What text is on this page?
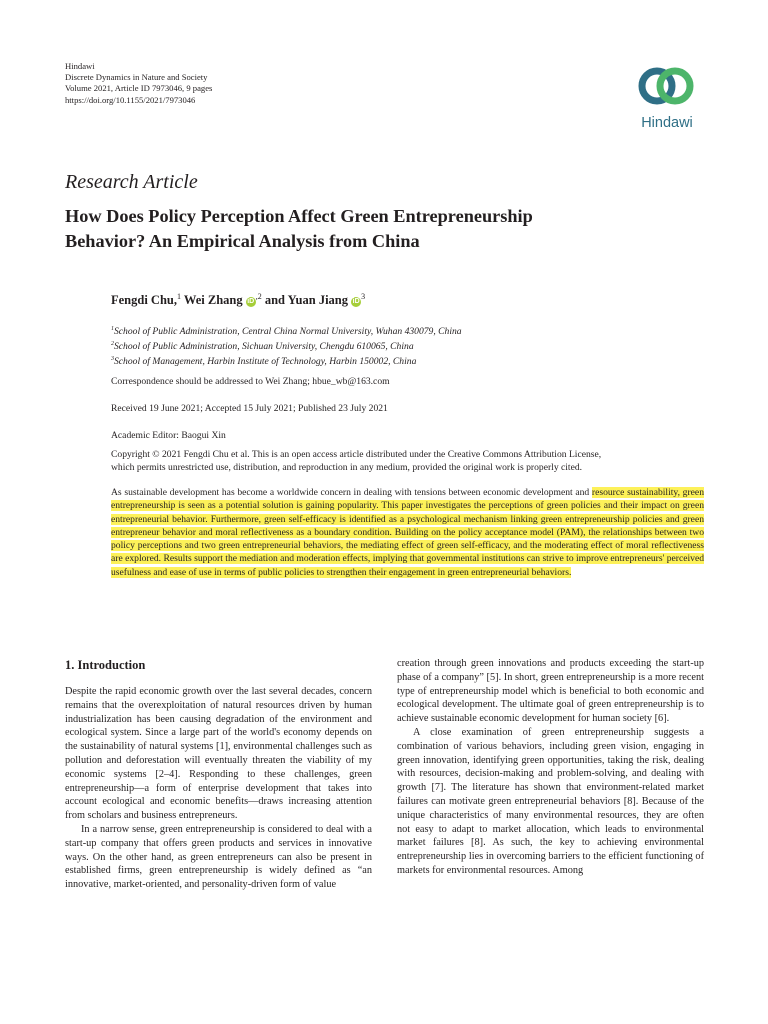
Hindawi
Discrete Dynamics in Nature and Society
Volume 2021, Article ID 7973046, 9 pages
https://doi.org/10.1155/2021/7973046
Hindawi
Research Article
How Does Policy Perception Affect Green Entrepreneurship
Behavior? An Empirical Analysis from China
Fengdi Chu,$^1$ Wei Zhang $iD^{,2}$ and Yuan Jiang $iD^3$
$^1$School of Public Administration, Central China Normal University, Wuhan 430079, China
$^2$School of Public Administration, Sichuan University, Chengdu 610065, China
$^3$School of Management, Harbin Institute of Technology, Harbin 150002, China
Correspondence should be addressed to Wei Zhang; hbue_wb@163.com
Received 19 June 2021; Accepted 15 July 2021; Published 23 July 2021
Academic Editor: Baogui Xin
Copyright © 2021 Fengdi Chu et al. This is an open access article distributed under the Creative Commons Attribution License,
which permits unrestricted use, distribution, and reproduction in any medium, provided the original work is properly cited.
As sustainable development has become a worldwide concern in dealing with tensions between economic development and resource sustainability, green entrepreneurship is seen as a potential solution is gaining popularity. This paper investigates the perceptions of green policies and their impact on green entrepreneurial behavior. Furthermore, green self-efficacy is identified as a psychological mechanism linking green entrepreneurship policies and green entrepreneur behavior and moral reflectiveness as a boundary condition. Building on the policy acceptance model (PAM), the relationships between two policy perceptions and two green entrepreneurial behaviors, the mediating effect of green self-efficacy, and the moderating effect of moral reflectiveness are explored. Results support the mediation and moderation effects, implying that governmental institutions can strive to improve entrepreneurs' perceived usefulness and ease of use in terms of public policies to strengthen their engagement in green entrepreneurial behaviors.
1. Introduction

Despite the rapid economic growth over the last several decades, concern remains that the overexploitation of natural resources driven by human industrialization has been causing degradation of the environment and ecological system. Since a large part of the world's economy depends on the sustainability of natural systems [1], environmental challenges such as pollution and deforestation will eventually threaten the viability of my economic systems [2–4]. Responding to these challenges, green entrepreneurship—a form of enterprise development that takes into account ecological and economic benefits—draws increasing attention from scholars and business entrepreneurs.

In a narrow sense, green entrepreneurship is considered to deal with a start-up company that offers green products and services in innovative ways. On the other hand, as green entrepreneurs can also be present in established firms, green entrepreneurship is widely defined as “an innovative, market-oriented, and personality-driven form of value

creation through green innovations and products exceeding the start-up phase of a company” [5]. In short, green entrepreneurship is a more recent type of entrepreneurship model which is beneficial to both economic and ecological development. The ultimate goal of green entrepreneurship is to achieve sustainable economic development for human society [6].

A close examination of green entrepreneurship suggests a combination of various behaviors, including green vision, engaging in green innovation, identifying green opportunities, taking the risk, dealing with resources, decision-making and problem-solving, and dealing with growth [7]. The literature has shown that environment-related market failures can motivate green entrepreneurial behaviors [8]. Because of the unique characteristics of many environmental resources, they are often not easy to adapt to market allocation, which leads to environmental market failures [8]. As such, the key to achieving environmental entrepreneurship lies in overcoming barriers to the efficient functioning of markets for environmental resources. Among
